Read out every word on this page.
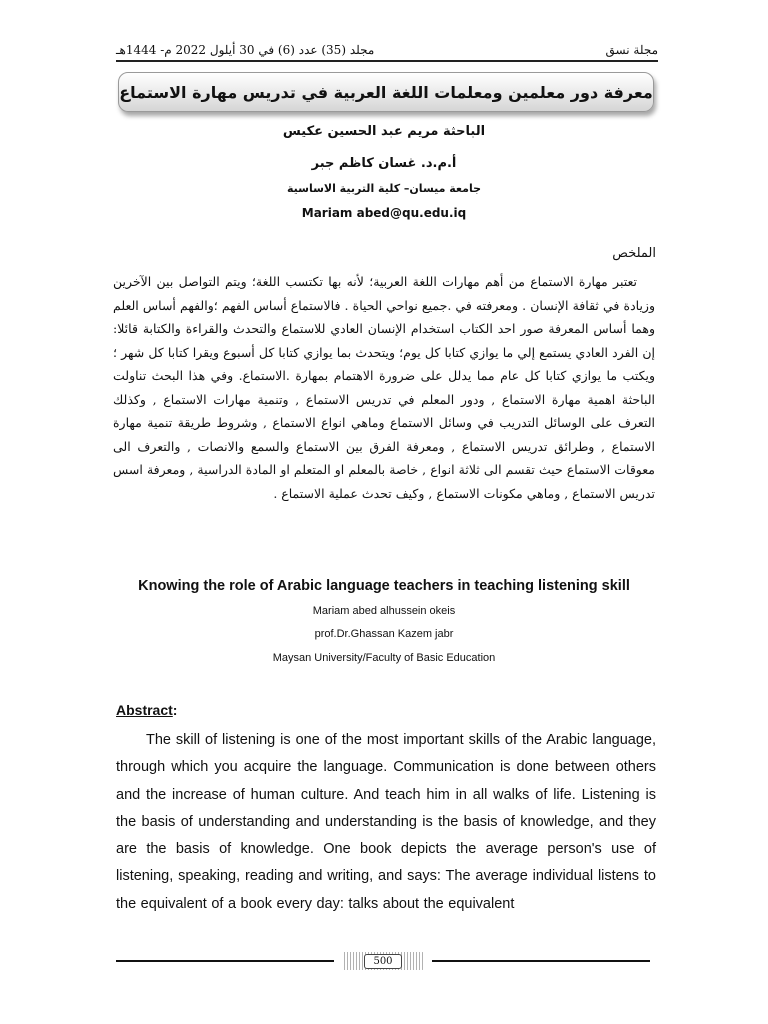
مجلة نسق
مجلد (35) عدد (6) في 30 أيلول 2022 م- 1444هـ
معرفة دور معلمين ومعلمات اللغة العربية في تدريس مهارة الاستماع
الباحثة مريم عبد الحسين عكيس
أ.م.د. غسان كاظم جبر
جامعة ميسان– كلية التربية الاساسية
Mariam abed@qu.edu.iq
الملخص

تعتبر مهارة الاستماع من أهم مهارات اللغة العربية؛ لأنه بها تكتسب اللغة؛ ويتم التواصل بين الآخرين وزيادة في ثقافة الإنسان . ومعرفته في .جميع نواحي الحياة . فالاستماع أساس الفهم ؛والفهم أساس العلم وهما أساس المعرفة صور احد الكتاب استخدام الإنسان العادي للاستماع والتحدث والقراءة والكتابة قائلا: إن الفرد العادي يستمع إلي ما يوازي كتابا كل يوم؛ ويتحدث بما يوازي كتابا كل أسبوع ويقرا كتابا كل شهر ؛ ويكتب ما يوازي كتابا كل عام مما يدلل على ضرورة الاهتمام بمهارة .الاستماع. وفي هذا البحث تناولت الباحثة اهمية مهارة الاستماع , ودور المعلم في تدريس الاستماع , وتنمية مهارات الاستماع , وكذلك التعرف على الوسائل التدريب في وسائل الاستماع وماهي انواع الاستماع , وشروط طريقة تنمية مهارة الاستماع , وطرائق تدريس الاستماع , ومعرفة الفرق بين الاستماع والسمع والانصات , والتعرف الى معوقات الاستماع حيث تقسم الى ثلاثة انواع , خاصة بالمعلم او المتعلم او المادة الدراسية , ومعرفة اسس تدريس الاستماع , وماهي مكونات الاستماع , وكيف تحدث عملية الاستماع .

Knowing the role of Arabic language teachers in teaching listening skill
Mariam abed alhussein okeis
prof.Dr.Ghassan Kazem jabr
Maysan University/Faculty of Basic Education
Abstract:

The skill of listening is one of the most important skills of the Arabic language, through which you acquire the language. Communication is done between others and the increase of human culture. And teach him in all walks of life. Listening is the basis of understanding and understanding is the basis of knowledge, and they are the basis of knowledge. One book depicts the average person's use of listening, speaking, reading and writing, and says: The average individual listens to the equivalent of a book every day: talks about the equivalent

500
